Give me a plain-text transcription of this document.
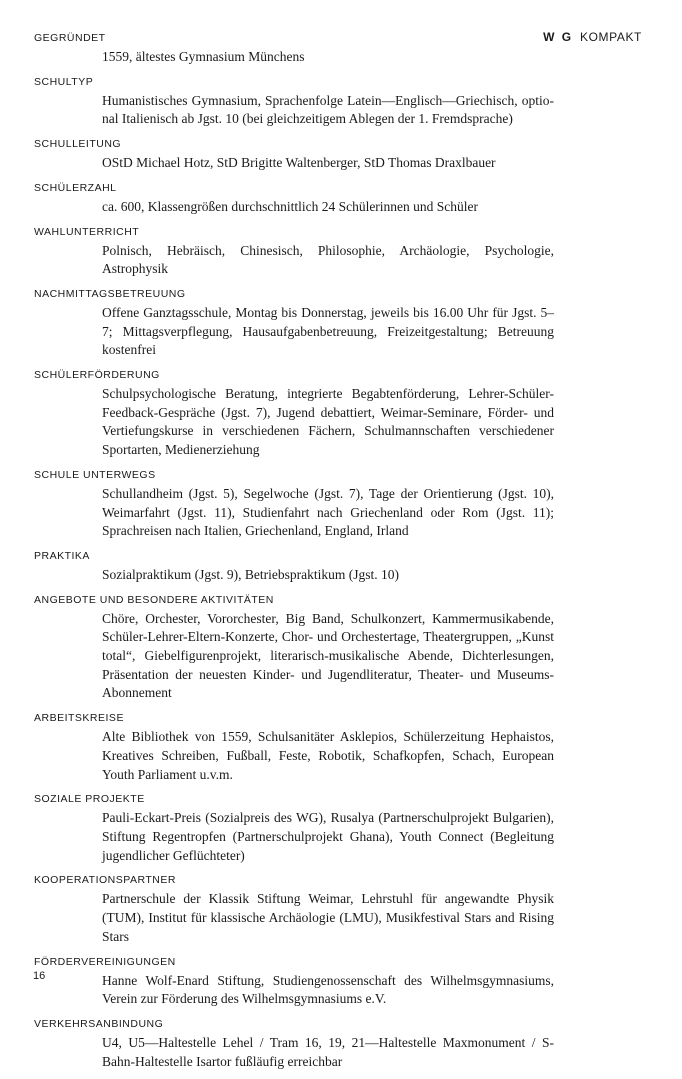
W G KOMPAKT
GEGRÜNDET
1559, ältestes Gymnasium Münchens
SCHULTYP
Humanistisches Gymnasium, Sprachenfolge Latein—Englisch—Griechisch, optional Italienisch ab Jgst. 10 (bei gleichzeitigem Ablegen der 1. Fremdsprache)
SCHULLEITUNG
OStD Michael Hotz, StD Brigitte Waltenberger, StD Thomas Draxlbauer
SCHÜLERZAHL
ca. 600, Klassengrößen durchschnittlich 24 Schülerinnen und Schüler
WAHLUNTERRICHT
Polnisch, Hebräisch, Chinesisch, Philosophie, Archäologie, Psychologie, Astrophysik
NACHMITTAGSBETREUUNG
Offene Ganztagsschule, Montag bis Donnerstag, jeweils bis 16.00 Uhr für Jgst. 5–7; Mittagsverpflegung, Hausaufgabenbetreuung, Freizeitgestaltung; Betreuung kostenfrei
SCHÜLERFÖRDERUNG
Schulpsychologische Beratung, integrierte Begabtenförderung, Lehrer-Schüler-Feedback-Gespräche (Jgst. 7), Jugend debattiert, Weimar-Seminare, Förder- und Vertiefungskurse in verschiedenen Fächern, Schulmannschaften verschiedener Sportarten, Medienerziehung
SCHULE UNTERWEGS
Schullandheim (Jgst. 5), Segelwoche (Jgst. 7), Tage der Orientierung (Jgst. 10), Weimarfahrt (Jgst. 11), Studienfahrt nach Griechenland oder Rom (Jgst. 11); Sprachreisen nach Italien, Griechenland, England, Irland
PRAKTIKA
Sozialpraktikum (Jgst. 9), Betriebspraktikum (Jgst. 10)
ANGEBOTE UND BESONDERE AKTIVITÄTEN
Chöre, Orchester, Vororchester, Big Band, Schulkonzert, Kammermusikabende, Schüler-Lehrer-Eltern-Konzerte, Chor- und Orchestertage, Theatergruppen, „Kunst total“, Giebelfigurenprojekt, literarisch-musikalische Abende, Dichterlesungen, Präsentation der neuesten Kinder- und Jugendliteratur, Theater- und Museums-Abonnement
ARBEITSKREISE
Alte Bibliothek von 1559, Schulsanitäter Asklepios, Schülerzeitung Hephaistos, Kreatives Schreiben, Fußball, Feste, Robotik, Schafkopfen, Schach, European Youth Parliament u.v.m.
SOZIALE PROJEKTE
Pauli-Eckart-Preis (Sozialpreis des WG), Rusalya (Partnerschulprojekt Bulgarien), Stiftung Regentropfen (Partnerschulprojekt Ghana), Youth Connect (Begleitung jugendlicher Geflüchteter)
KOOPERATIONSPARTNER
Partnerschule der Klassik Stiftung Weimar, Lehrstuhl für angewandte Physik (TUM), Institut für klassische Archäologie (LMU), Musikfestival Stars and Rising Stars
FÖRDERVEREINIGUNGEN
Hanne Wolf-Enard Stiftung, Studiengenossenschaft des Wilhelmsgymnasiums, Verein zur Förderung des Wilhelmsgymnasiums e.V.
VERKEHRSANBINDUNG
U4, U5—Haltestelle Lehel / Tram 16, 19, 21—Haltestelle Maxmonument / S-Bahn-Haltestelle Isartor fußläufig erreichbar
16
